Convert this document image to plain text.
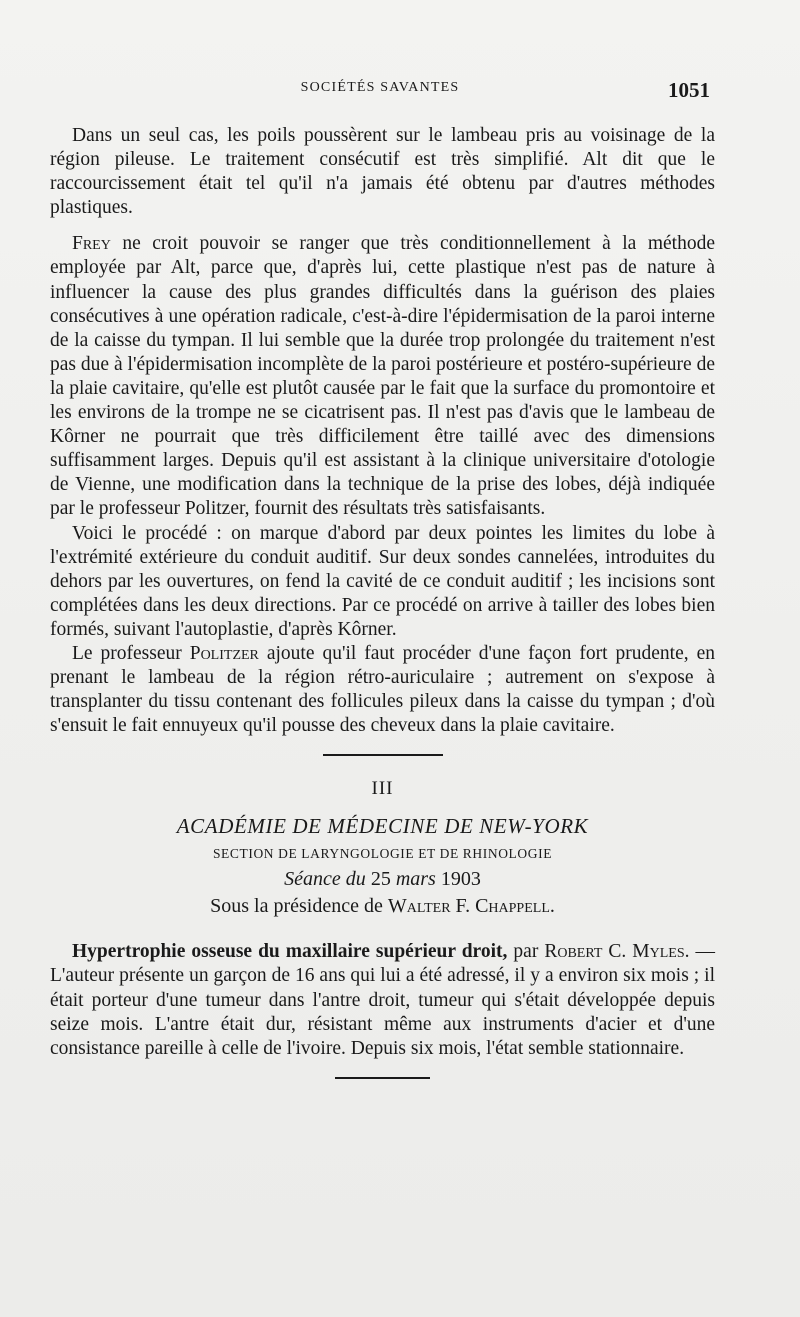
SOCIÉTÉS SAVANTES	1051

Dans un seul cas, les poils poussèrent sur le lambeau pris au voisinage de la région pileuse. Le traitement consécutif est très simplifié. Alt dit que le raccourcissement était tel qu'il n'a jamais été obtenu par d'autres méthodes plastiques.

Frey ne croit pouvoir se ranger que très conditionnellement à la méthode employée par Alt, parce que, d'après lui, cette plastique n'est pas de nature à influencer la cause des plus grandes difficultés dans la guérison des plaies consécutives à une opération radicale, c'est-à-dire l'épidermisation de la paroi interne de la caisse du tympan. Il lui semble que la durée trop prolongée du traitement n'est pas due à l'épidermisation incomplète de la paroi postérieure et postéro-supérieure de la plaie cavitaire, qu'elle est plutôt causée par le fait que la surface du promontoire et les environs de la trompe ne se cicatrisent pas. Il n'est pas d'avis que le lambeau de Kôrner ne pourrait que très difficilement être taillé avec des dimensions suffisamment larges. Depuis qu'il est assistant à la clinique universitaire d'otologie de Vienne, une modification dans la technique de la prise des lobes, déjà indiquée par le professeur Politzer, fournit des résultats très satisfaisants.

Voici le procédé : on marque d'abord par deux pointes les limites du lobe à l'extrémité extérieure du conduit auditif. Sur deux sondes cannelées, introduites du dehors par les ouvertures, on fend la cavité de ce conduit auditif ; les incisions sont complétées dans les deux directions. Par ce procédé on arrive à tailler des lobes bien formés, suivant l'autoplastie, d'après Kôrner.

Le professeur Politzer ajoute qu'il faut procéder d'une façon fort prudente, en prenant le lambeau de la région rétro-auriculaire ; autrement on s'expose à transplanter du tissu contenant des follicules pileux dans la caisse du tympan ; d'où s'ensuit le fait ennuyeux qu'il pousse des cheveux dans la plaie cavitaire.

III
ACADÉMIE DE MÉDECINE DE NEW-YORK
SECTION DE LARYNGOLOGIE ET DE RHINOLOGIE
Séance du 25 mars 1903
Sous la présidence de Walter F. Chappell.

Hypertrophie osseuse du maxillaire supérieur droit, par Robert C. Myles. — L'auteur présente un garçon de 16 ans qui lui a été adressé, il y a environ six mois ; il était porteur d'une tumeur dans l'antre droit, tumeur qui s'était développée depuis seize mois. L'antre était dur, résistant même aux instruments d'acier et d'une consistance pareille à celle de l'ivoire. Depuis six mois, l'état semble stationnaire.
